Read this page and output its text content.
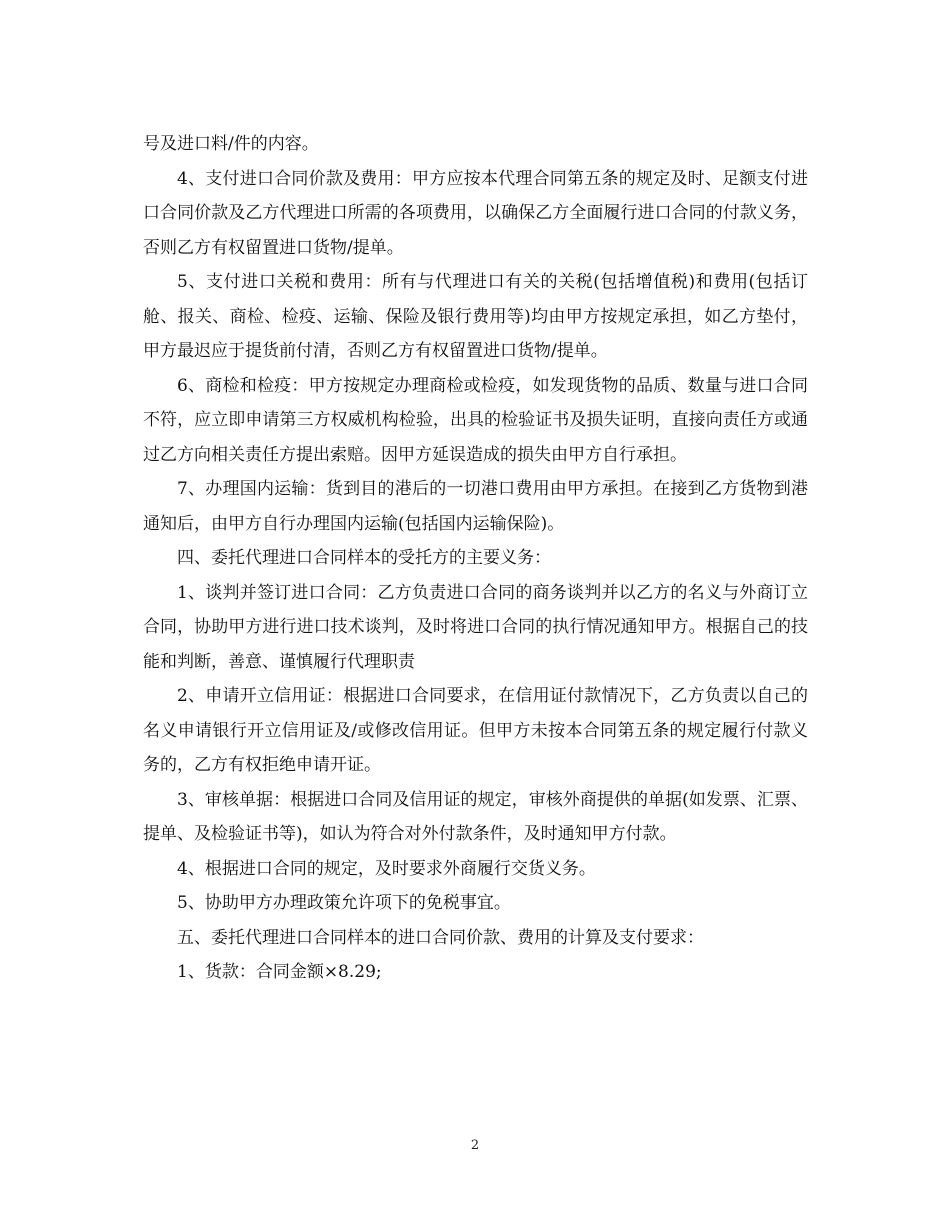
号及进口料/件的内容。

4、支付进口合同价款及费用：甲方应按本代理合同第五条的规定及时、足额支付进口合同价款及乙方代理进口所需的各项费用，以确保乙方全面履行进口合同的付款义务，否则乙方有权留置进口货物/提单。

5、支付进口关税和费用：所有与代理进口有关的关税(包括增值税)和费用(包括订舱、报关、商检、检疫、运输、保险及银行费用等)均由甲方按规定承担，如乙方垫付，甲方最迟应于提货前付清，否则乙方有权留置进口货物/提单。

6、商检和检疫：甲方按规定办理商检或检疫，如发现货物的品质、数量与进口合同不符，应立即申请第三方权威机构检验，出具的检验证书及损失证明，直接向责任方或通过乙方向相关责任方提出索赔。因甲方延误造成的损失由甲方自行承担。

7、办理国内运输：货到目的港后的一切港口费用由甲方承担。在接到乙方货物到港通知后，由甲方自行办理国内运输(包括国内运输保险)。

四、委托代理进口合同样本的受托方的主要义务：

1、谈判并签订进口合同：乙方负责进口合同的商务谈判并以乙方的名义与外商订立合同，协助甲方进行进口技术谈判，及时将进口合同的执行情况通知甲方。根据自己的技能和判断，善意、谨慎履行代理职责

2、申请开立信用证：根据进口合同要求，在信用证付款情况下，乙方负责以自己的名义申请银行开立信用证及/或修改信用证。但甲方未按本合同第五条的规定履行付款义务的，乙方有权拒绝申请开证。

3、审核单据：根据进口合同及信用证的规定，审核外商提供的单据(如发票、汇票、提单、及检验证书等)，如认为符合对外付款条件，及时通知甲方付款。

4、根据进口合同的规定，及时要求外商履行交货义务。

5、协助甲方办理政策允许项下的免税事宜。

五、委托代理进口合同样本的进口合同价款、费用的计算及支付要求：

1、货款：合同金额×8.29;

2
